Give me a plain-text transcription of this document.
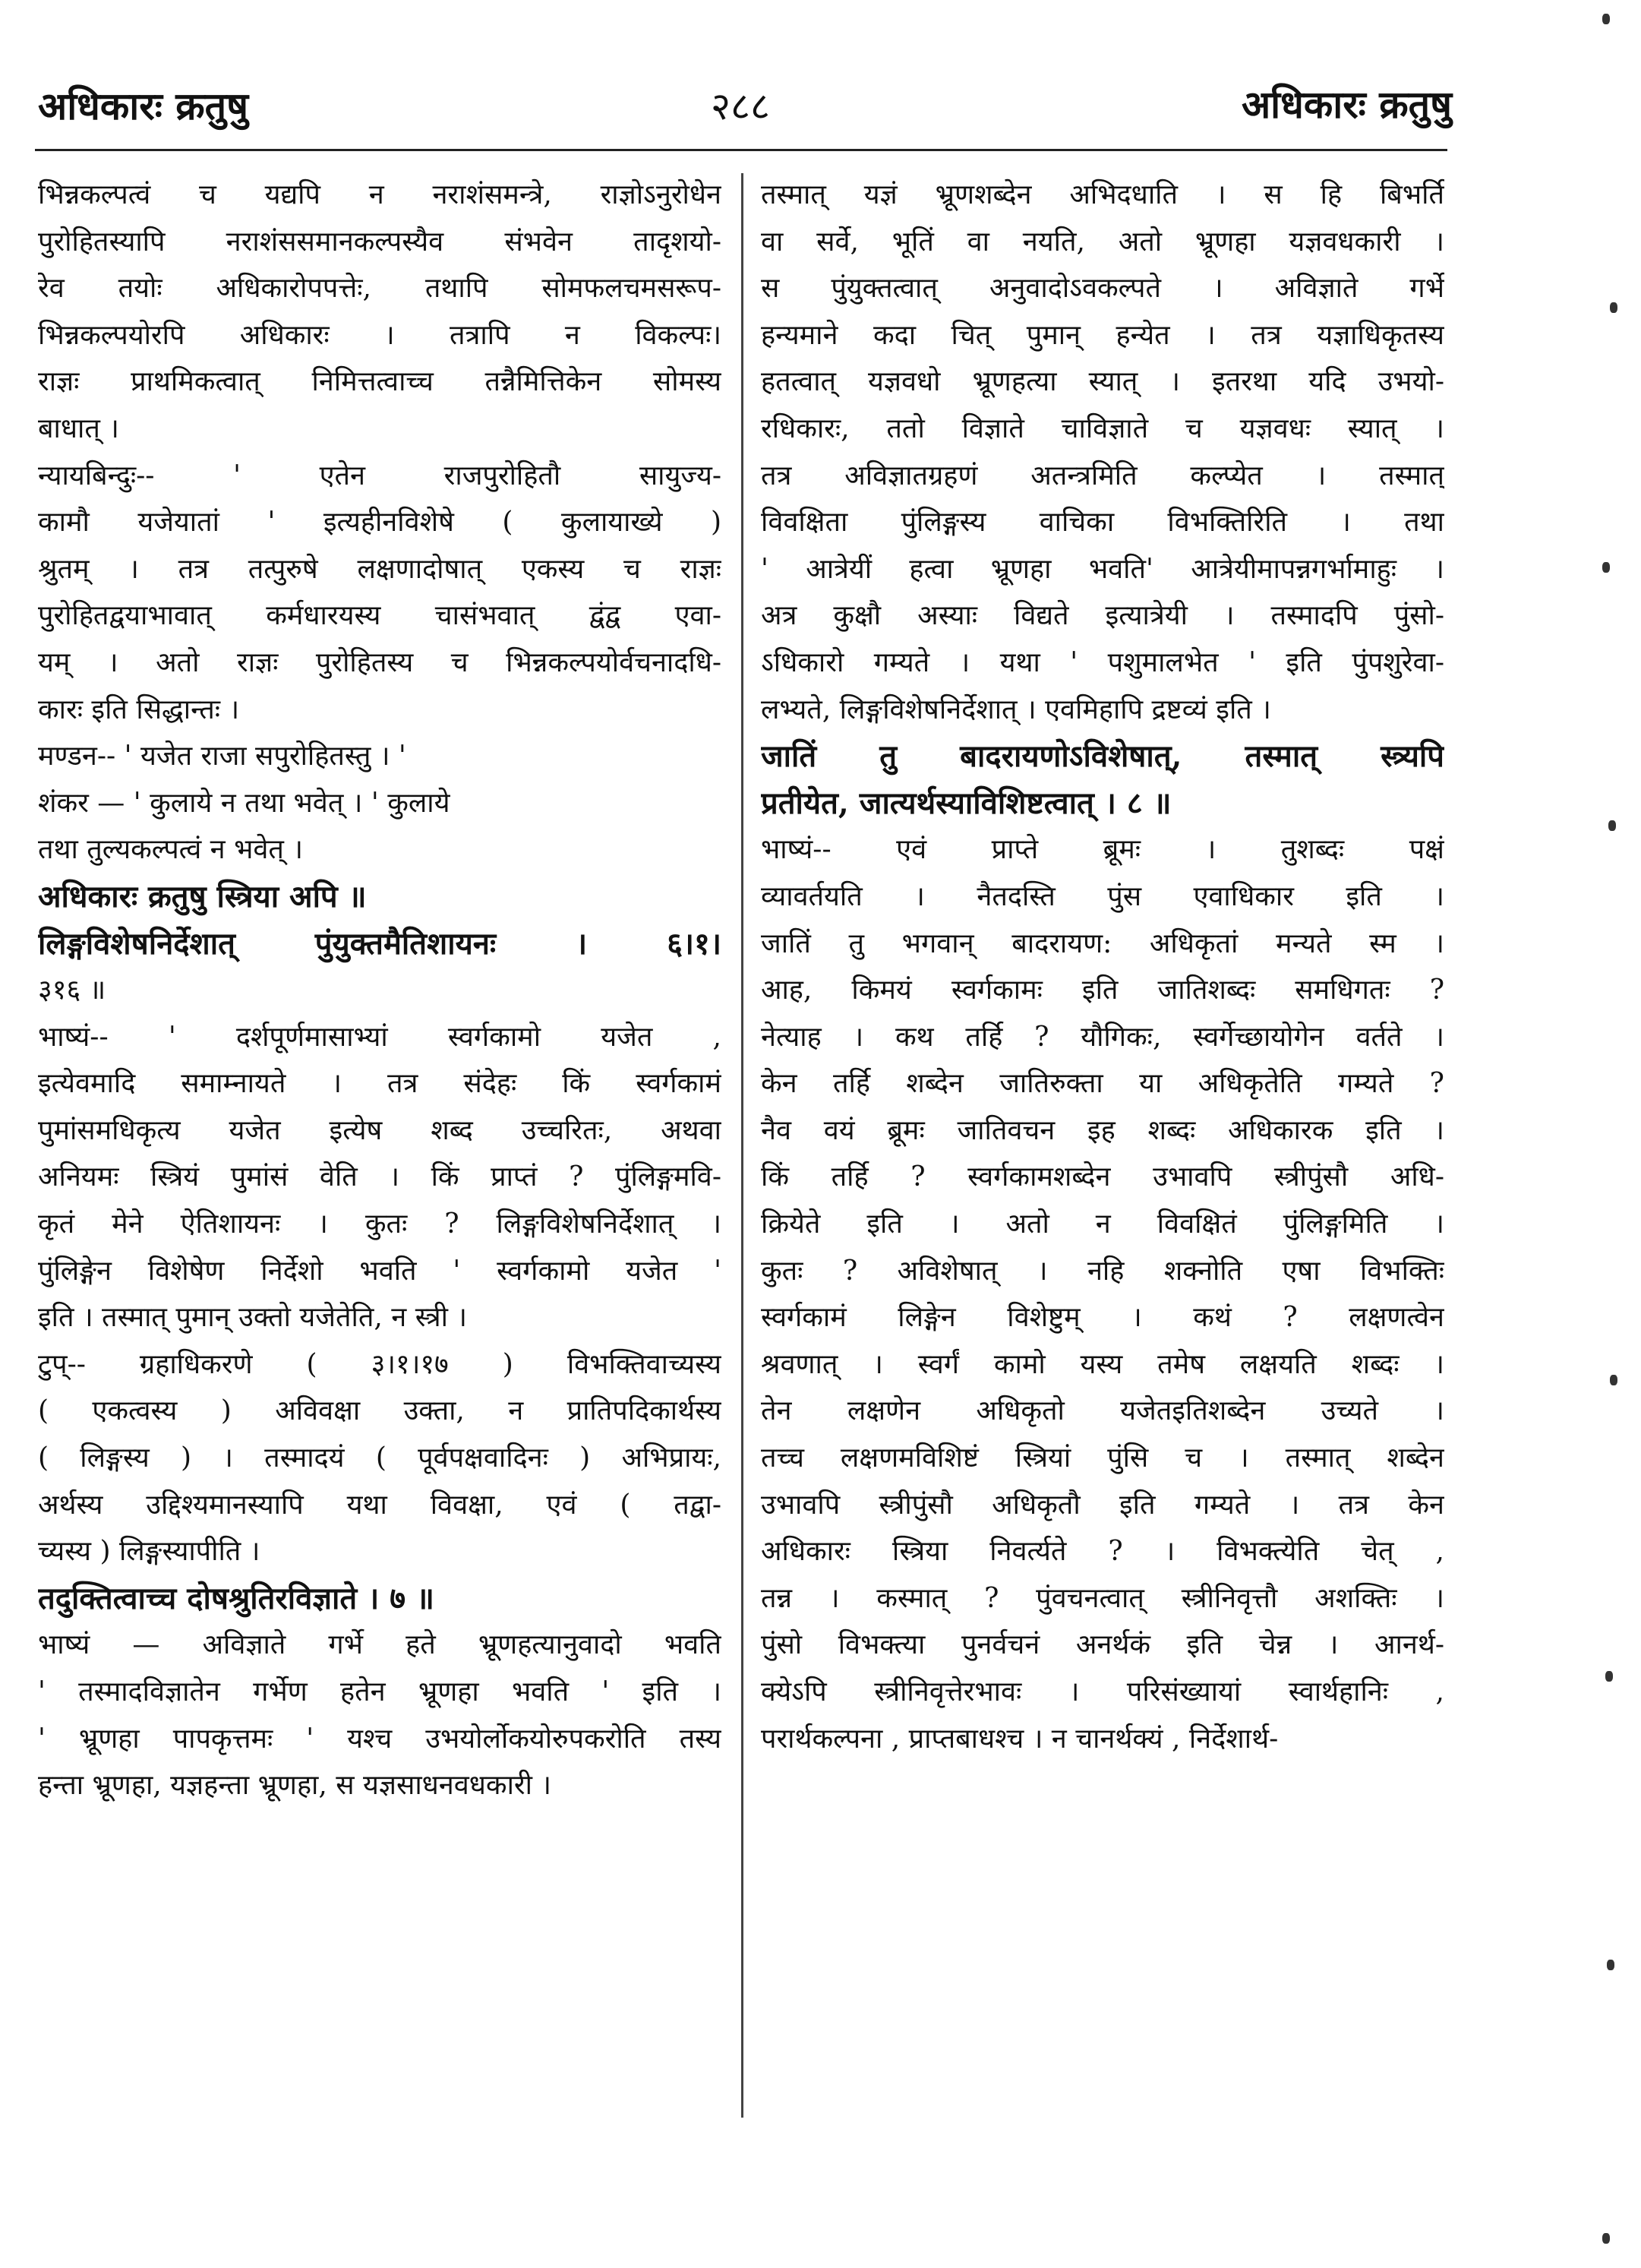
अधिकारः क्रतुषु	२८८	अधिकारः क्रतुषु
भिन्नकल्पत्वं च यद्यपि न नराशंसमन्त्रे, राज्ञोऽनुरोधेन
पुरोहितस्यापि नराशंससमानकल्पस्यैव संभवेन तादृशयो-
रेव तयोः अधिकारोपपत्तेः, तथापि सोमफलचमसरूप-
भिन्नकल्पयोरपि अधिकारः । तत्रापि न विकल्पः।
राज्ञः प्राथमिकत्वात् निमित्तत्वाच्च तन्नैमित्तिकेन सोमस्य
बाधात् ।
न्यायबिन्दुः-- ' एतेन राजपुरोहितौ सायुज्य-
कामौ यजेयातां ' इत्यहीनविशेषे ( कुलायाख्ये )
श्रुतम् । तत्र तत्पुरुषे लक्षणादोषात् एकस्य च राज्ञः
पुरोहितद्वयाभावात् कर्मधारयस्य चासंभवात् द्वंद्व एवा-
यम् । अतो राज्ञः पुरोहितस्य च भिन्नकल्पयोर्वचनादधि-
कारः इति सिद्धान्तः ।
मण्डन-- ' यजेत राजा सपुरोहितस्तु । '
शंकर — ' कुलाये न तथा भवेत् । ' कुलाये
तथा तुल्यकल्पत्वं न भवेत् ।
अधिकारः क्रतुषु स्त्रिया अपि ॥
लिङ्गविशेषनिर्देशात् पुंयुक्तमैतिशायनः । ६।१।
३१६ ॥
भाष्यं-- ' दर्शपूर्णमासाभ्यां स्वर्गकामो यजेत ,
इत्येवमादि समाम्नायते । तत्र संदेहः किं स्वर्गकामं
पुमांसमधिकृत्य यजेत इत्येष शब्द उच्चरितः, अथवा
अनियमः स्त्रियं पुमांसं वेति । किं प्राप्तं ? पुंलिङ्गमवि-
कृतं मेने ऐतिशायनः । कुतः ? लिङ्गविशेषनिर्देशात् ।
पुंलिङ्गेन विशेषेण निर्देशो भवति ' स्वर्गकामो यजेत '
इति । तस्मात् पुमान् उक्तो यजेतेति, न स्त्री ।
टुप्-- ग्रहाधिकरणे ( ३।१।१७ ) विभक्तिवाच्यस्य
( एकत्वस्य ) अविवक्षा उक्ता, न प्रातिपदिकार्थस्य
( लिङ्गस्य ) । तस्मादयं ( पूर्वपक्षवादिनः ) अभिप्रायः,
अर्थस्य उद्दिश्यमानस्यापि यथा विवक्षा, एवं ( तद्वा-
च्यस्य ) लिङ्गस्यापीति ।
तदुक्तित्वाच्च दोषश्रुतिरविज्ञाते । ७ ॥
भाष्यं — अविज्ञाते गर्भे हते भ्रूणहत्यानुवादो भवति
' तस्मादविज्ञातेन गर्भेण हतेन भ्रूणहा भवति ' इति ।
' भ्रूणहा पापकृत्तमः ' यश्च उभयोर्लोकयोरुपकरोति तस्य
हन्ता भ्रूणहा, यज्ञहन्ता भ्रूणहा, स यज्ञसाधनवधकारी ।
तस्मात् यज्ञं भ्रूणशब्देन अभिदधाति । स हि बिभर्ति
वा सर्वे, भूतिं वा नयति, अतो भ्रूणहा यज्ञवधकारी ।
स पुंयुक्तत्वात् अनुवादोऽवकल्पते । अविज्ञाते गर्भे
हन्यमाने कदा चित् पुमान् हन्येत । तत्र यज्ञाधिकृतस्य
हतत्वात् यज्ञवधो भ्रूणहत्या स्यात् । इतरथा यदि उभयो-
रधिकारः, ततो विज्ञाते चाविज्ञाते च यज्ञवधः स्यात् ।
तत्र अविज्ञातग्रहणं अतन्त्रमिति कल्प्येत । तस्मात्
विवक्षिता पुंलिङ्गस्य वाचिका विभक्तिरिति । तथा
' आत्रेयीं हत्वा भ्रूणहा भवति' आत्रेयीमापन्नगर्भामाहुः ।
अत्र कुक्षौ अस्याः विद्यते इत्यात्रेयी । तस्मादपि पुंसो-
ऽधिकारो गम्यते । यथा ' पशुमालभेत ' इति पुंपशुरेवा-
लभ्यते, लिङ्गविशेषनिर्देशात् । एवमिहापि द्रष्टव्यं इति ।
जातिं तु बादरायणोऽविशेषात्, तस्मात् स्त्र्यपि
प्रतीयेत, जात्यर्थस्याविशिष्टत्वात् । ८ ॥
भाष्यं-- एवं प्राप्ते ब्रूमः । तुशब्दः पक्षं
व्यावर्तयति । नैतदस्ति पुंस एवाधिकार इति ।
जातिं तु भगवान् बादरायण: अधिकृतां मन्यते स्म ।
आह, किमयं स्वर्गकामः इति जातिशब्दः समधिगतः ?
नेत्याह । कथ तर्हि ? यौगिकः, स्वर्गेच्छायोगेन वर्तते ।
केन तर्हि शब्देन जातिरुक्ता या अधिकृतेति गम्यते ?
नैव वयं ब्रूमः जातिवचन इह शब्दः अधिकारक इति ।
किं तर्हि ? स्वर्गकामशब्देन उभावपि स्त्रीपुंसौ अधि-
क्रियेते इति । अतो न विवक्षितं पुंलिङ्गमिति ।
कुतः ? अविशेषात् । नहि शक्नोति एषा विभक्तिः
स्वर्गकामं लिङ्गेन विशेष्टुम् । कथं ? लक्षणत्वेन
श्रवणात् । स्वर्गं कामो यस्य तमेष लक्षयति शब्दः ।
तेन लक्षणेन अधिकृतो यजेतइतिशब्देन उच्यते ।
तच्च लक्षणमविशिष्टं स्त्रियां पुंसि च । तस्मात् शब्देन
उभावपि स्त्रीपुंसौ अधिकृतौ इति गम्यते । तत्र केन
अधिकारः स्त्रिया निवर्त्यते ? । विभक्त्येति चेत् ,
तन्न । कस्मात् ? पुंवचनत्वात् स्त्रीनिवृत्तौ अशक्तिः ।
पुंसो विभक्त्या पुनर्वचनं अनर्थकं इति चेन्न । आनर्थ-
क्येऽपि स्त्रीनिवृत्तेरभावः । परिसंख्यायां स्वार्थहानिः ,
परार्थकल्पना , प्राप्तबाधश्च । न चानर्थक्यं , निर्देशार्थ-
